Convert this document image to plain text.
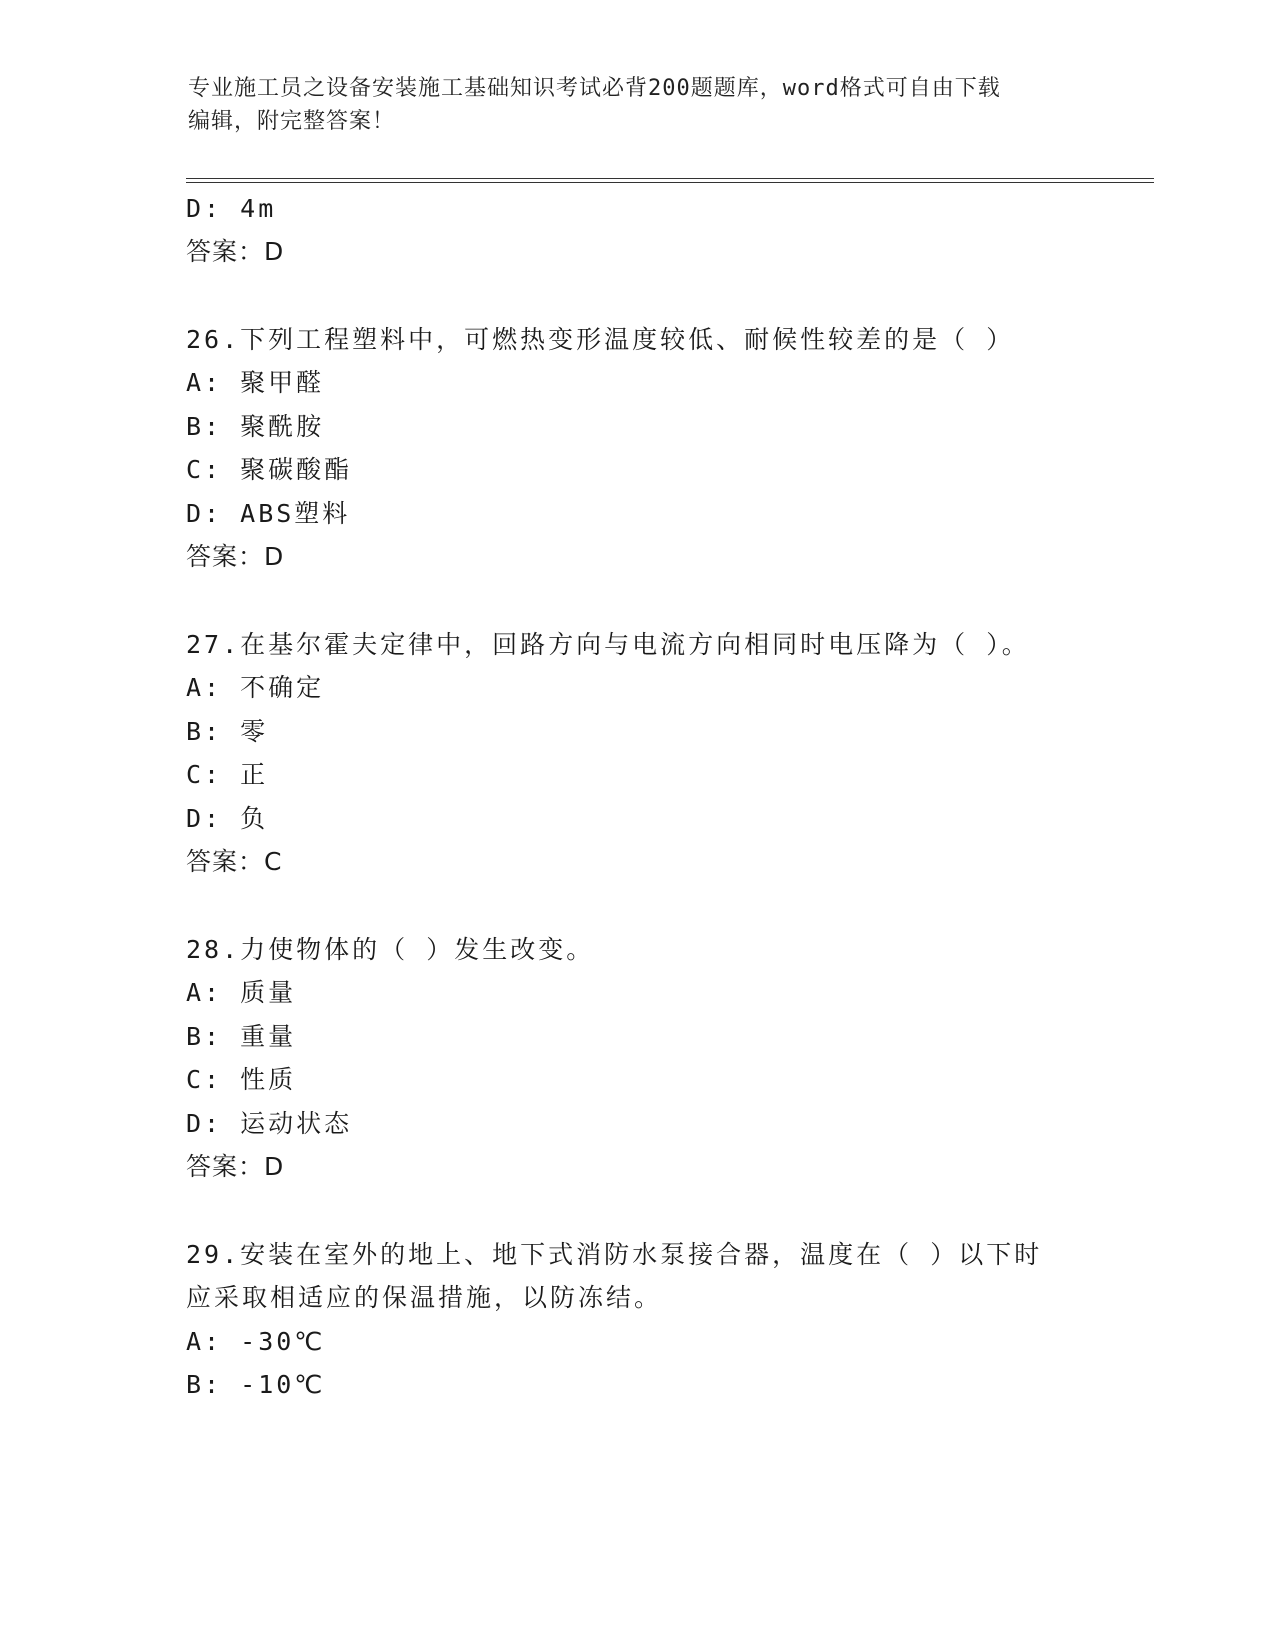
专业施工员之设备安装施工基础知识考试必背200题题库，word格式可自由下载
编辑，附完整答案！
D: 4m
答案：D
26.下列工程塑料中，可燃热变形温度较低、耐候性较差的是（ ）
A: 聚甲醛
B: 聚酰胺
C: 聚碳酸酯
D: ABS塑料
答案：D
27.在基尔霍夫定律中，回路方向与电流方向相同时电压降为（ ）。
A: 不确定
B: 零
C: 正
D: 负
答案：C
28.力使物体的（ ）发生改变。
A: 质量
B: 重量
C: 性质
D: 运动状态
答案：D
29.安装在室外的地上、地下式消防水泵接合器，温度在（ ）以下时
应采取相适应的保温措施，以防冻结。
A: -30℃
B: -10℃
